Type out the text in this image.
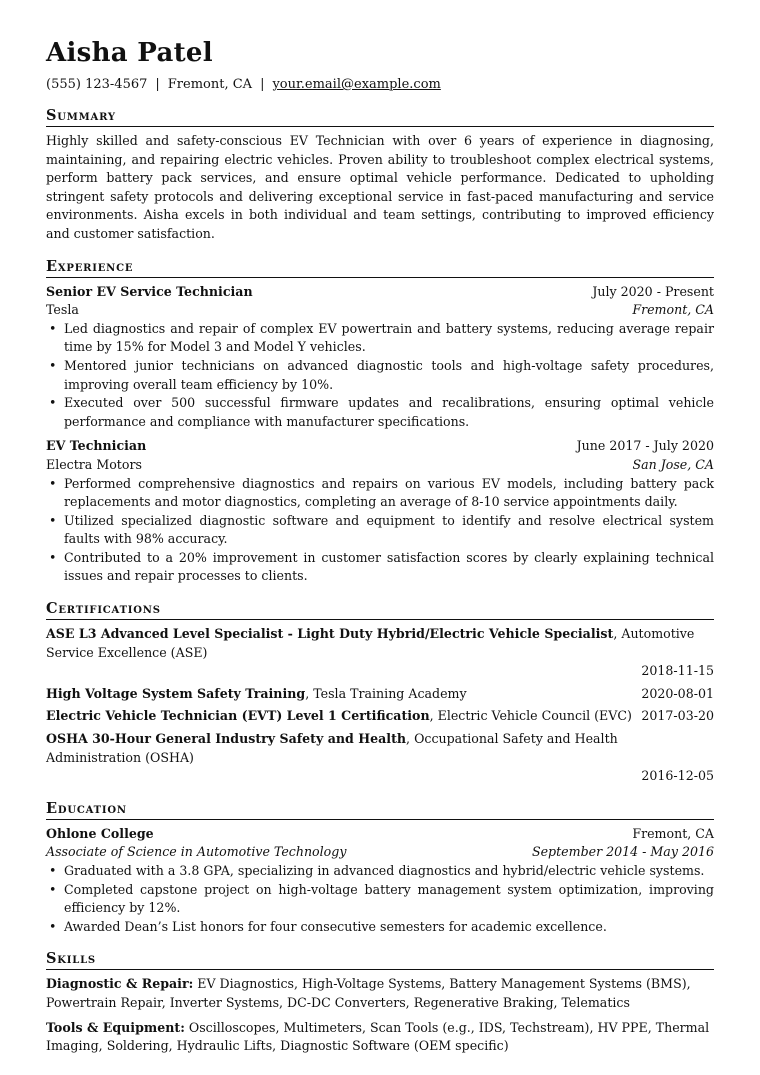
Aisha Patel
(555) 123-4567 | Fremont, CA | your.email@example.com
Summary

Highly skilled and safety-conscious EV Technician with over 6 years of experience in diagnosing, maintaining, and repairing electric vehicles. Proven ability to troubleshoot complex electrical systems, perform battery pack services, and ensure optimal vehicle performance. Dedicated to upholding stringent safety protocols and delivering exceptional service in fast-paced manufacturing and service environments. Aisha excels in both individual and team settings, contributing to improved efficiency and customer satisfaction.

Experience
Senior EV Service Technician	July 2020 - Present
Tesla	Fremont, CA
• Led diagnostics and repair of complex EV powertrain and battery systems, reducing average repair time by 15% for Model 3 and Model Y vehicles.
• Mentored junior technicians on advanced diagnostic tools and high-voltage safety procedures, improving overall team efficiency by 10%.
• Executed over 500 successful firmware updates and recalibrations, ensuring optimal vehicle performance and compliance with manufacturer specifications.
EV Technician	June 2017 - July 2020
Electra Motors	San Jose, CA
• Performed comprehensive diagnostics and repairs on various EV models, including battery pack replacements and motor diagnostics, completing an average of 8-10 service appointments daily.
• Utilized specialized diagnostic software and equipment to identify and resolve electrical system faults with 98% accuracy.
• Contributed to a 20% improvement in customer satisfaction scores by clearly explaining technical issues and repair processes to clients.
Certifications
ASE L3 Advanced Level Specialist - Light Duty Hybrid/Electric Vehicle Specialist, Automotive Service Excellence (ASE)
2018-11-15
High Voltage System Safety Training, Tesla Training Academy	2020-08-01
Electric Vehicle Technician (EVT) Level 1 Certification, Electric Vehicle Council (EVC) 2017-03-20
OSHA 30-Hour General Industry Safety and Health, Occupational Safety and Health Administration (OSHA)
2016-12-05
Education
Ohlone College	Fremont, CA
Associate of Science in Automotive Technology	September 2014 - May 2016
• Graduated with a 3.8 GPA, specializing in advanced diagnostics and hybrid/electric vehicle systems.
• Completed capstone project on high-voltage battery management system optimization, improving efficiency by 12%.
• Awarded Dean’s List honors for four consecutive semesters for academic excellence.
Skills
Diagnostic & Repair: EV Diagnostics, High-Voltage Systems, Battery Management Systems (BMS), Powertrain Repair, Inverter Systems, DC-DC Converters, Regenerative Braking, Telematics
Tools & Equipment: Oscilloscopes, Multimeters, Scan Tools (e.g., IDS, Techstream), HV PPE, Thermal Imaging, Soldering, Hydraulic Lifts, Diagnostic Software (OEM specific)
